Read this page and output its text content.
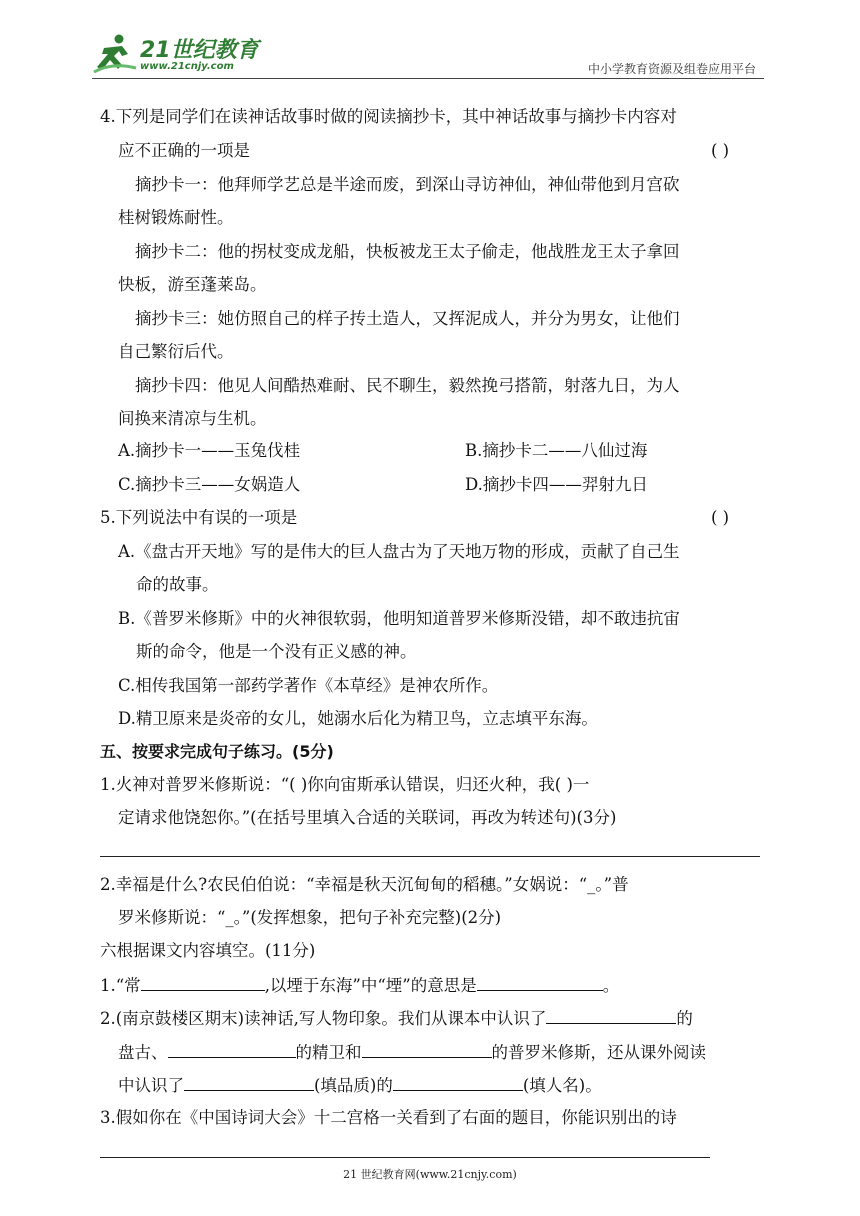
21世纪教育
www.21cnjy.com	中小学教育资源及组卷应用平台
4.下列是同学们在读神话故事时做的阅读摘抄卡，其中神话故事与摘抄卡内容对
应不正确的一项是	( )
摘抄卡一：他拜师学艺总是半途而废，到深山寻访神仙，神仙带他到月宫砍
桂树锻炼耐性。
摘抄卡二：他的拐杖变成龙船，快板被龙王太子偷走，他战胜龙王太子拿回
快板，游至蓬莱岛。
摘抄卡三：她仿照自己的样子抟土造人，又挥泥成人，并分为男女，让他们
自己繁衍后代。
摘抄卡四：他见人间酷热难耐、民不聊生，毅然挽弓搭箭，射落九日，为人
间换来清凉与生机。
A.摘抄卡一——玉兔伐桂	B.摘抄卡二——八仙过海
C.摘抄卡三——女娲造人	D.摘抄卡四——羿射九日
5.下列说法中有误的一项是	( )
A.《盘古开天地》写的是伟大的巨人盘古为了天地万物的形成，贡献了自己生
命的故事。
B.《普罗米修斯》中的火神很软弱，他明知道普罗米修斯没错，却不敢违抗宙
斯的命令，他是一个没有正义感的神。
C.相传我国第一部药学著作《本草经》是神农所作。
D.精卫原来是炎帝的女儿，她溺水后化为精卫鸟，立志填平东海。
五、按要求完成句子练习。(5分)
1.火神对普罗米修斯说：“( )你向宙斯承认错误，归还火种，我( )一
定请求他饶恕你。”(在括号里填入合适的关联词，再改为转述句)(3分)
2.幸福是什么?农民伯伯说：“幸福是秋天沉甸甸的稻穗。”女娲说：“_。”普
罗米修斯说：“_。”(发挥想象，把句子补充完整)(2分)
六根据课文内容填空。(11分)
1.“常	,以堙于东海”中“堙”的意思是	。
2.(南京鼓楼区期末)读神话,写人物印象。我们从课本中认识了	的
盘古、	的精卫和	的普罗米修斯，还从课外阅读
中认识了	(填品质)的	(填人名)。
3.假如你在《中国诗词大会》十二宫格一关看到了右面的题目，你能识别出的诗
21 世纪教育网(www.21cnjy.com)
